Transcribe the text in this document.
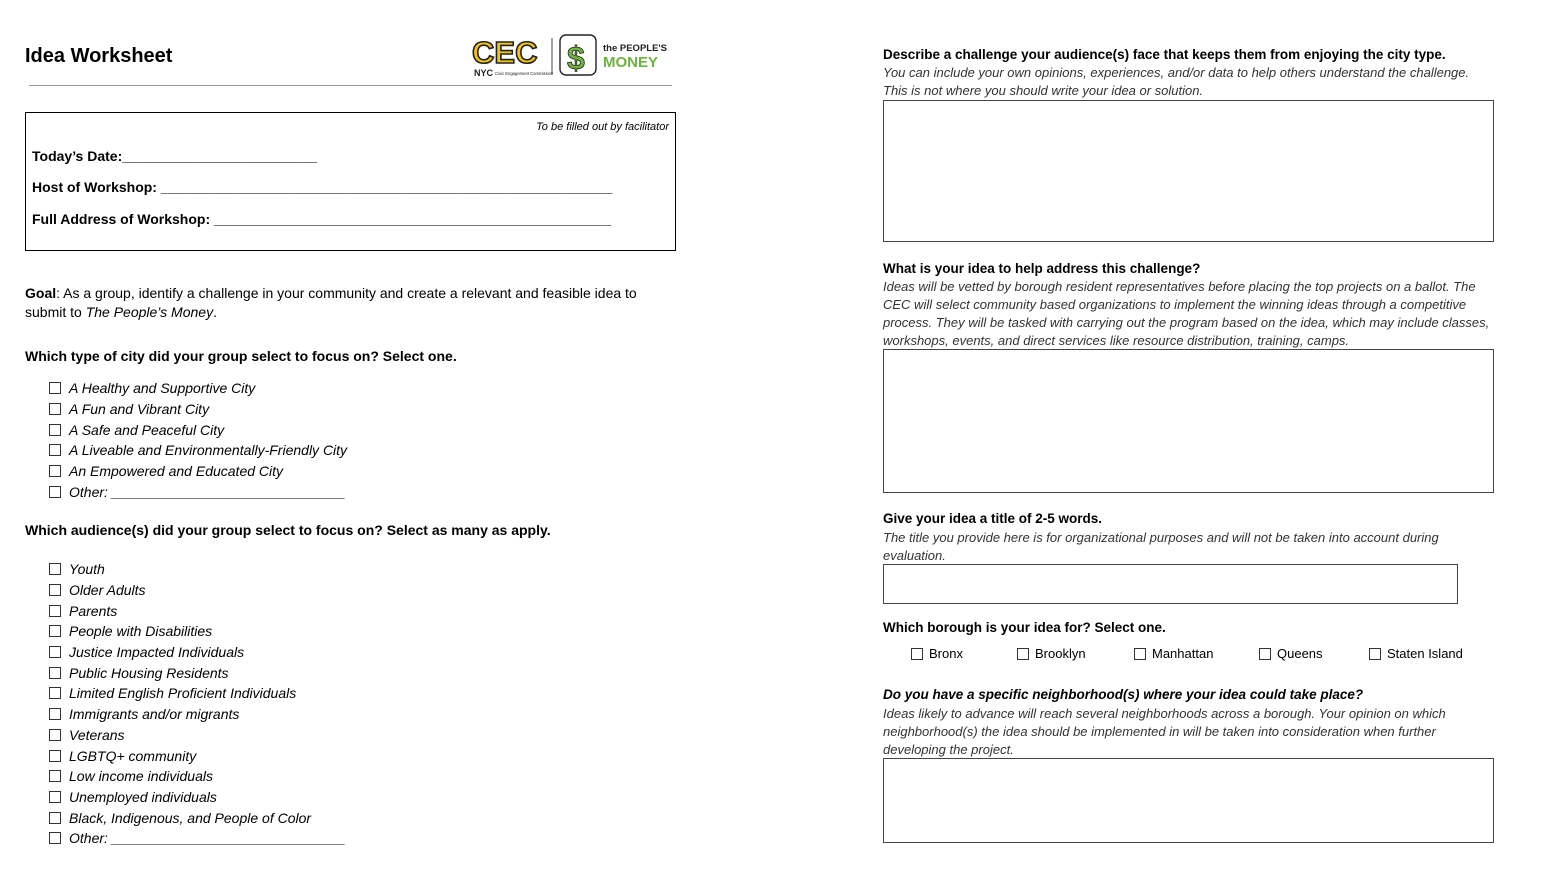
Idea Worksheet	CEC
NYC Civic Engagement Commission $ the PEOPLE'S
MONEY
To be filled out by facilitator
Today’s Date:_________________________
Host of Workshop: __________________________________________________________
Full Address of Workshop: ___________________________________________________
Goal: As a group, identify a challenge in your community and create a relevant and feasible idea to submit to The People’s Money.
Which type of city did your group select to focus on? Select one.
A Healthy and Supportive City
A Fun and Vibrant City
A Safe and Peaceful City
A Liveable and Environmentally-Friendly City
An Empowered and Educated City
Other: ______________________________
Which audience(s) did your group select to focus on? Select as many as apply.
Youth
Older Adults
Parents
People with Disabilities
Justice Impacted Individuals
Public Housing Residents
Limited English Proficient Individuals
Immigrants and/or migrants
Veterans
LGBTQ+ community
Low income individuals
Unemployed individuals
Black, Indigenous, and People of Color
Other: ______________________________
Describe a challenge your audience(s) face that keeps them from enjoying the city type.
You can include your own opinions, experiences, and/or data to help others understand the challenge. This is not where you should write your idea or solution.
What is your idea to help address this challenge?
Ideas will be vetted by borough resident representatives before placing the top projects on a ballot. The CEC will select community based organizations to implement the winning ideas through a competitive process. They will be tasked with carrying out the program based on the idea, which may include classes, workshops, events, and direct services like resource distribution, training, camps.
Give your idea a title of 2-5 words.
The title you provide here is for organizational purposes and will not be taken into account during evaluation.
Which borough is your idea for? Select one.
Bronx	Brooklyn	Manhattan	Queens	Staten Island
Do you have a specific neighborhood(s) where your idea could take place?
Ideas likely to advance will reach several neighborhoods across a borough. Your opinion on which neighborhood(s) the idea should be implemented in will be taken into consideration when further developing the project.
